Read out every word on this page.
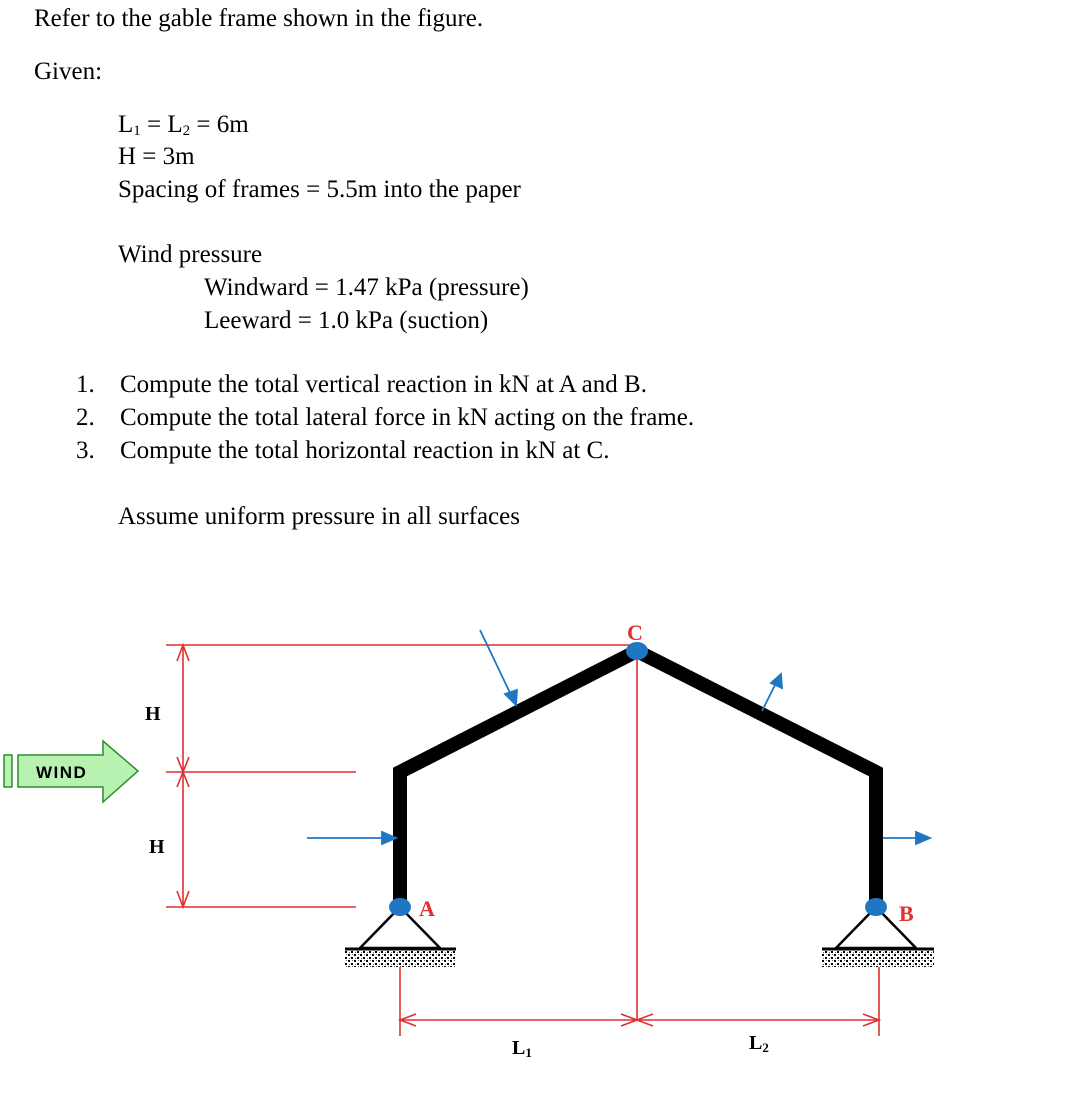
Refer to the gable frame shown in the figure.
Given:
$L_1 = L_2 = 6m$
H = 3m
Spacing of frames = 5.5m into the paper
Wind pressure
Windward = 1.47 kPa (pressure)
Leeward = 1.0 kPa (suction)
1. Compute the total vertical reaction in kN at A and B.
2. Compute the total lateral force in kN acting on the frame.
3. Compute the total horizontal reaction in kN at C.
Assume uniform pressure in all surfaces
WIND
C
A	B
H
H
L1	L2
